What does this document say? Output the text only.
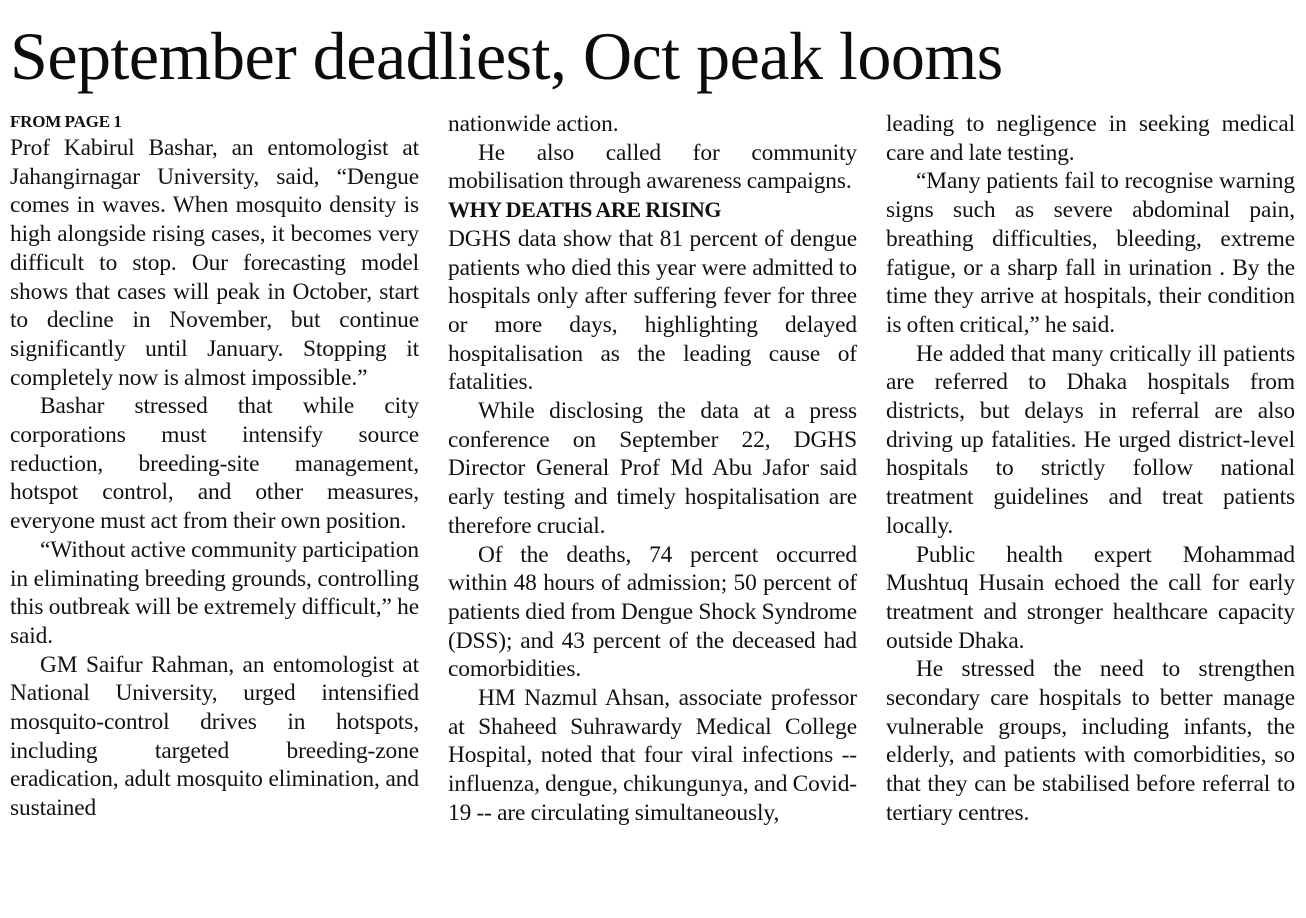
September deadliest, Oct peak looms
FROM PAGE 1

Prof Kabirul Bashar, an entomologist at Jahangirnagar University, said, “Dengue comes in waves. When mosquito density is high alongside rising cases, it becomes very difficult to stop. Our forecasting model shows that cases will peak in October, start to decline in November, but continue significantly until January. Stopping it completely now is almost impossible.”

Bashar stressed that while city corporations must intensify source reduction, breeding-site management, hotspot control, and other measures, everyone must act from their own position.

“Without active community participation in eliminating breeding grounds, controlling this outbreak will be extremely difficult,” he said.

GM Saifur Rahman, an entomologist at National University, urged intensified mosquito-control drives in hotspots, including targeted breeding-zone eradication, adult mosquito elimination, and sustained

nationwide action.

He also called for community mobilisation through awareness campaigns.

WHY DEATHS ARE RISING

DGHS data show that 81 percent of dengue patients who died this year were admitted to hospitals only after suffering fever for three or more days, highlighting delayed hospitalisation as the leading cause of fatalities.

While disclosing the data at a press conference on September 22, DGHS Director General Prof Md Abu Jafor said early testing and timely hospitalisation are therefore crucial.

Of the deaths, 74 percent occurred within 48 hours of admission; 50 percent of patients died from Dengue Shock Syndrome (DSS); and 43 percent of the deceased had comorbidities.

HM Nazmul Ahsan, associate professor at Shaheed Suhrawardy Medical College Hospital, noted that four viral infections -- influenza, dengue, chikungunya, and Covid-19 -- are circulating simultaneously,

leading to negligence in seeking medical care and late testing.

“Many patients fail to recognise warning signs such as severe abdominal pain, breathing difficulties, bleeding, extreme fatigue, or a sharp fall in urination . By the time they arrive at hospitals, their condition is often critical,” he said.

He added that many critically ill patients are referred to Dhaka hospitals from districts, but delays in referral are also driving up fatalities. He urged district-level hospitals to strictly follow national treatment guidelines and treat patients locally.

Public health expert Mohammad Mushtuq Husain echoed the call for early treatment and stronger healthcare capacity outside Dhaka.

He stressed the need to strengthen secondary care hospitals to better manage vulnerable groups, including infants, the elderly, and patients with comorbidities, so that they can be stabilised before referral to tertiary centres.
